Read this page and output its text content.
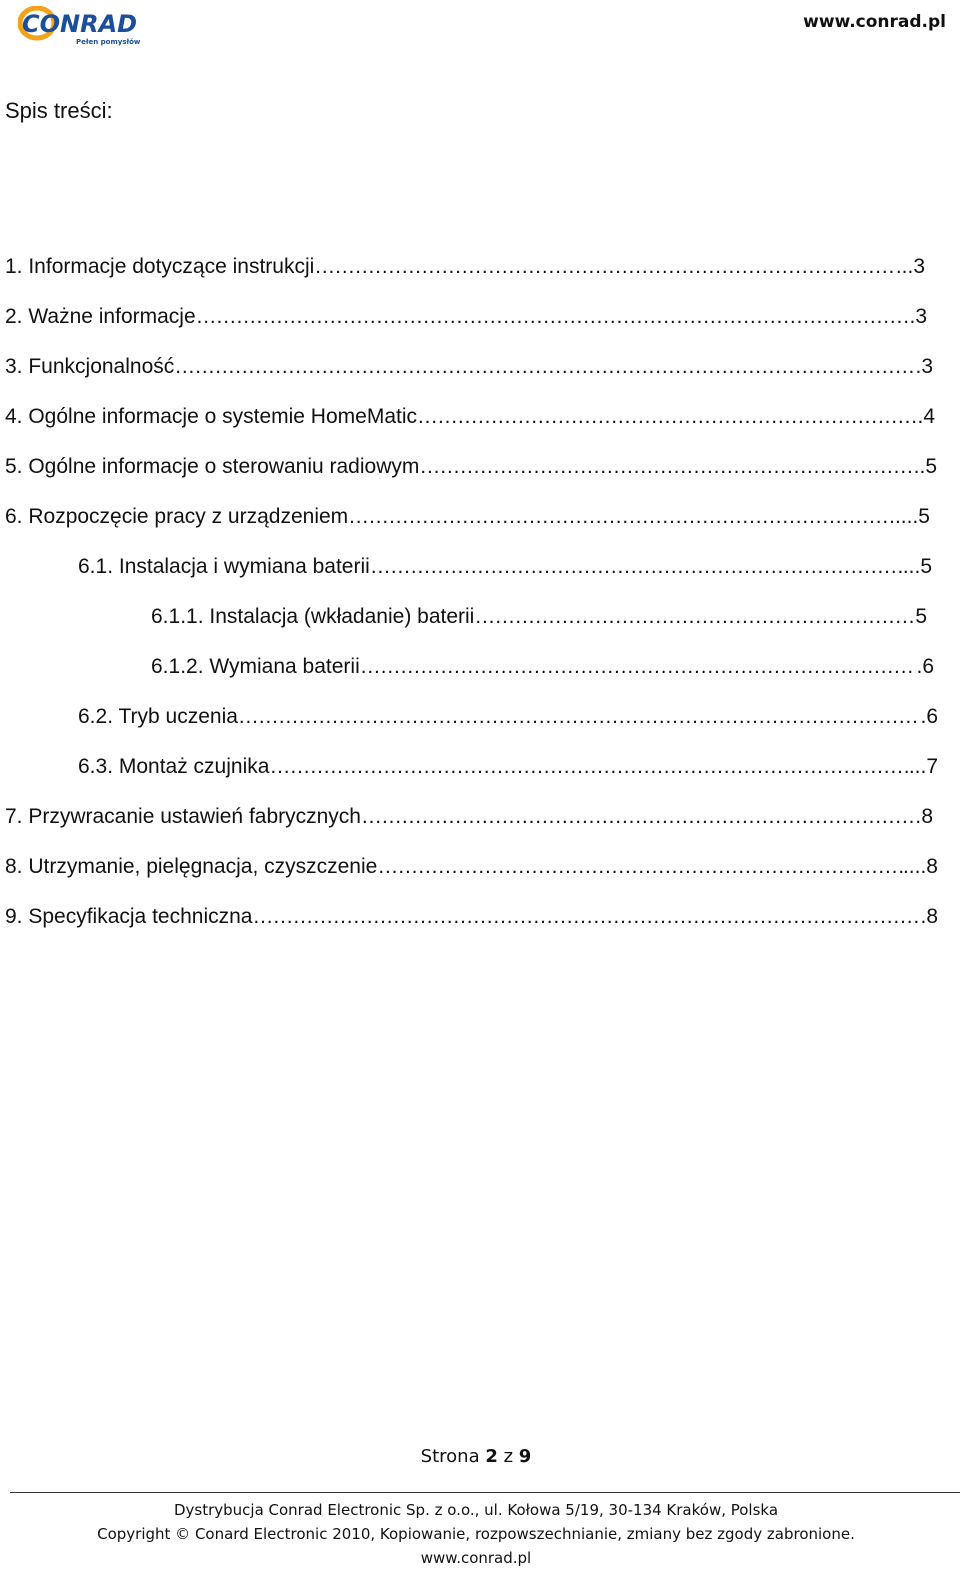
CONRAD
Pełen pomysłów
www.conrad.pl
Spis treści:
1. Informacje dotyczące instrukcji ……………………………………………………………………………………………………………………………………………………	...3
2. Ważne informacje ……………………………………………………………………………………………………………………………………………………	.3
3. Funkcjonalność ……………………………………………………………………………………………………………………………………………………	.3
4. Ogólne informacje o systemie HomeMatic ……………………………………………………………………………………………………………………………………………………	.4
5. Ogólne informacje o sterowaniu radiowym ……………………………………………………………………………………………………………………………………………………	.5
6. Rozpoczęcie pracy z urządzeniem ……………………………………………………………………………………………………………………………………………………	....5
6.1. Instalacja i wymiana baterii ……………………………………………………………………………………………………………………………………………………	...5
6.1.1. Instalacja (wkładanie) baterii ……………………………………………………………………………………………………………………………………………………	5
6.1.2. Wymiana baterii ……………………………………………………………………………………………………………………………………………………	.6
6.2. Tryb uczenia ……………………………………………………………………………………………………………………………………………………	.6
6.3. Montaż czujnika ……………………………………………………………………………………………………………………………………………………	...7
7. Przywracanie ustawień fabrycznych ……………………………………………………………………………………………………………………………………………………	8
8. Utrzymanie, pielęgnacja, czyszczenie ……………………………………………………………………………………………………………………………………………………	....8
9. Specyfikacja techniczna ……………………………………………………………………………………………………………………………………………………	.8
Strona 2 z 9
Dystrybucja Conrad Electronic Sp. z o.o., ul. Kołowa 5/19, 30-134 Kraków, Polska
Copyright © Conard Electronic 2010, Kopiowanie, rozpowszechnianie, zmiany bez zgody zabronione.
www.conrad.pl
